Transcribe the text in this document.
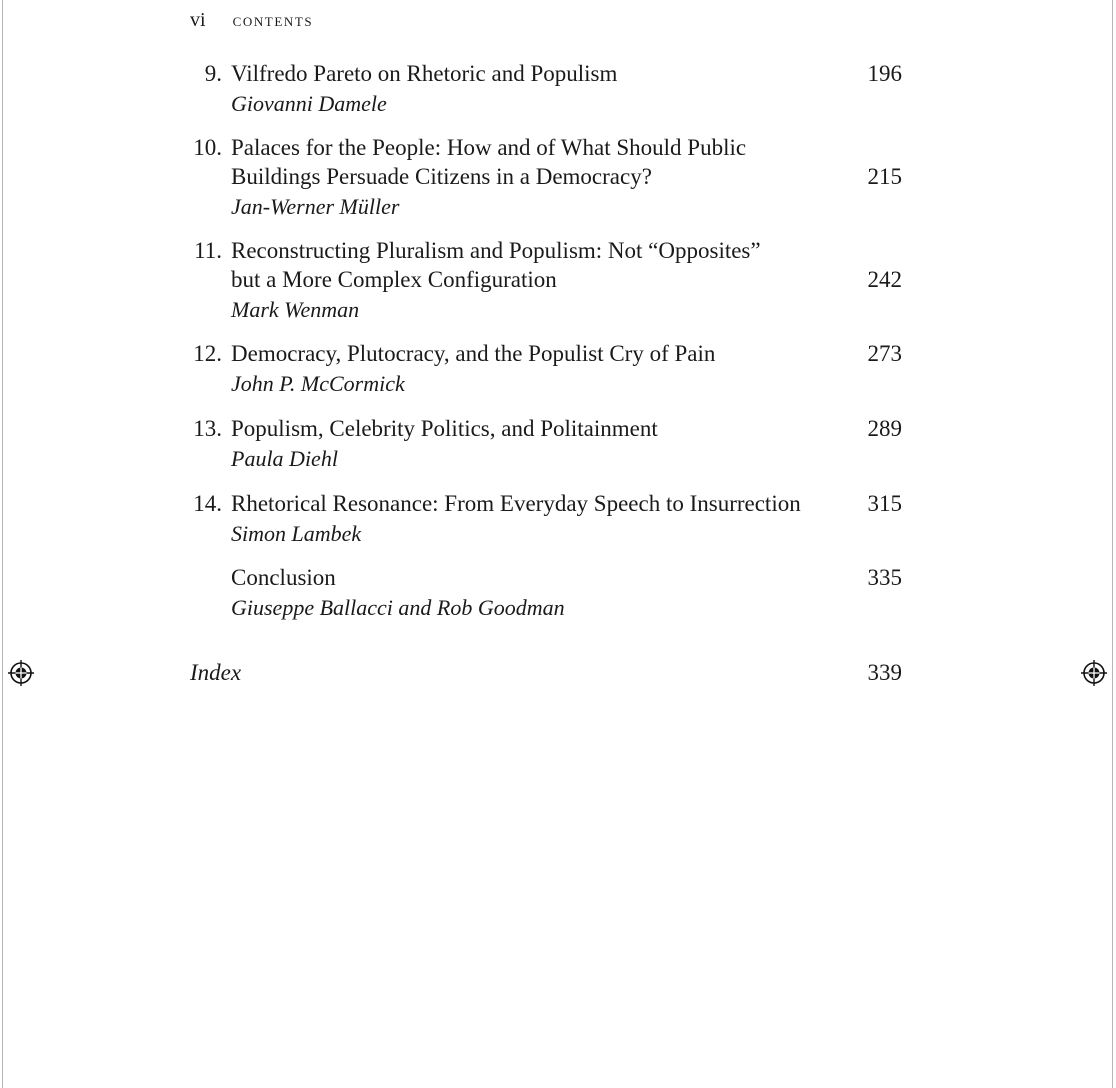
vi contents
9. Vilfredo Pareto on Rhetoric and Populism
Giovanni Damele
196
10. Palaces for the People: How and of What Should Public
Buildings Persuade Citizens in a Democracy?
Jan-Werner Müller
215
11. Reconstructing Pluralism and Populism: Not “Opposites”
but a More Complex Configuration
Mark Wenman
242
12. Democracy, Plutocracy, and the Populist Cry of Pain
John P. McCormick
273
13. Populism, Celebrity Politics, and Politainment
Paula Diehl
289
14. Rhetorical Resonance: From Everyday Speech to Insurrection
Simon Lambek
315
Conclusion
Giuseppe Ballacci and Rob Goodman
335
Index	339
